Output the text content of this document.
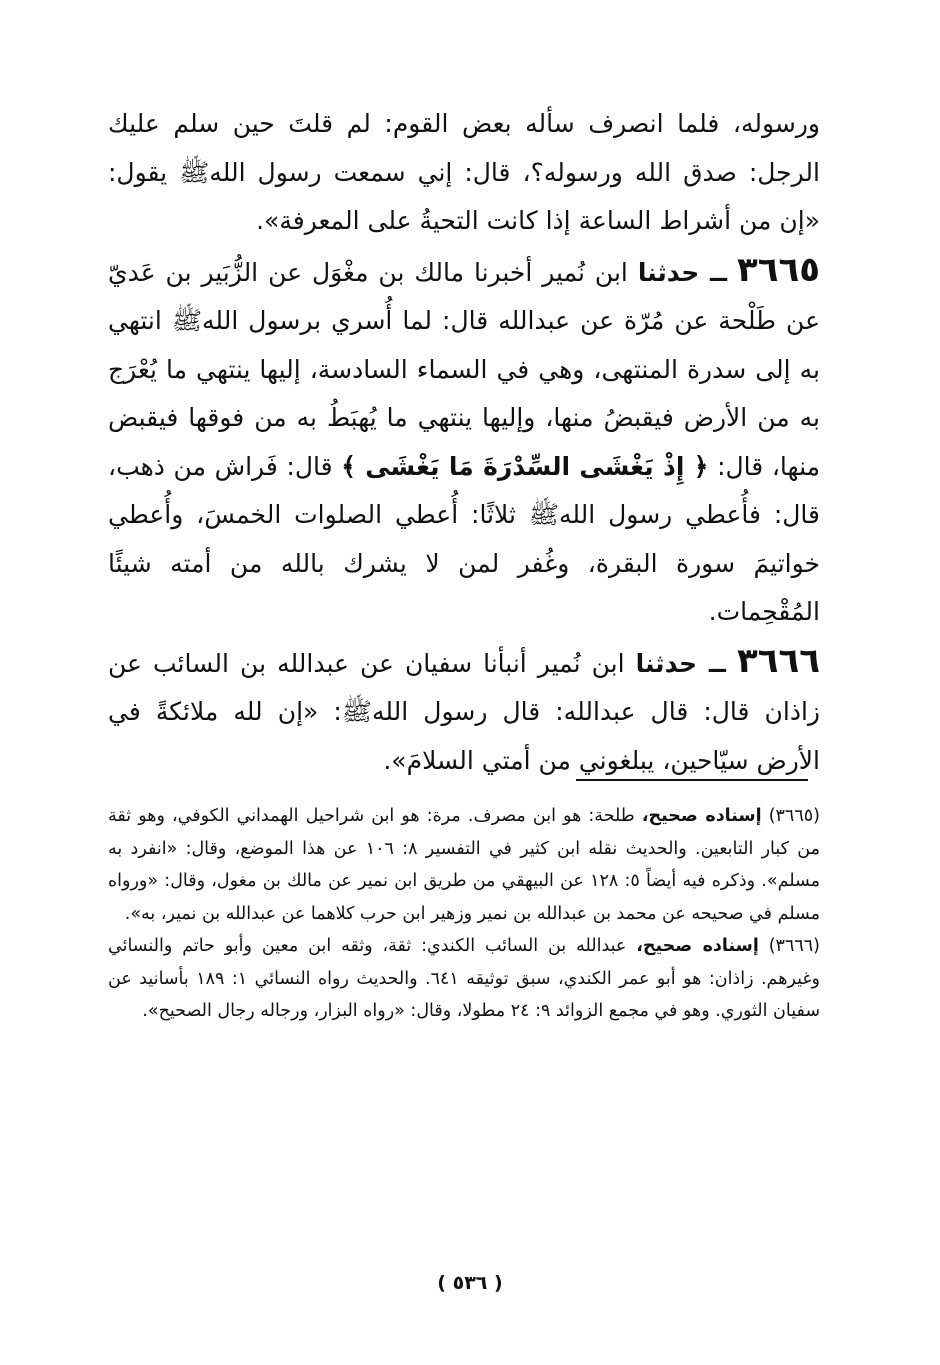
ورسوله، فلما انصرف سأله بعض القوم: لم قلتَ حين سلم عليك الرجل: صدق الله ورسوله؟، قال: إني سمعت رسول اللهﷺ يقول: «إن من أشراط الساعة إذا كانت التحيةُ على المعرفة».

٣٦٦٥ ــ حدثنا ابن نُمير أخبرنا مالك بن مغْوَل عن الزُّبَير بن عَديّ عن طَلْحة عن مُرّة عن عبدالله قال: لما أُسري برسول اللهﷺ انتهي به إلى سدرة المنتهى، وهي في السماء السادسة، إليها ينتهي ما يُعْرَج به من الأرض فيقبضُ منها، وإليها ينتهي ما يُهبَطُ به من فوقها فيقبض منها، قال: ﴿ إِذْ يَغْشَى السِّدْرَةَ مَا يَغْشَى ﴾ قال: فَراش من ذهب، قال: فأُعطي رسول اللهﷺ ثلاثًا: أُعطي الصلوات الخمسَ، وأُعطي خواتيمَ سورة البقرة، وغُفر لمن لا يشرك بالله من أمته شيئًا المُقْحِمات.

٣٦٦٦ ــ حدثنا ابن نُمير أنبأنا سفيان عن عبدالله بن السائب عن زاذان قال: قال عبدالله: قال رسول اللهﷺ: «إن لله ملائكةً في الأرض سيّاحين، يبلغوني من أمتي السلامَ».

(٣٦٦٥) إسناده صحيح، طلحة: هو ابن مصرف. مرة: هو ابن شراحيل الهمداني الكوفي، وهو ثقة من كبار التابعين. والحديث نقله ابن كثير في التفسير ٨: ١٠٦ عن هذا الموضع، وقال: «انفرد به مسلم». وذكره فيه أيضاً ٥: ١٢٨ عن البيهقي من طريق ابن نمير عن مالك بن مغول، وقال: «ورواه مسلم في صحيحه عن محمد بن عبدالله بن نمير وزهير ابن حرب كلاهما عن عبدالله بن نمير، به».

(٣٦٦٦) إسناده صحيح، عبدالله بن السائب الكندي: ثقة، وثقه ابن معين وأبو حاتم والنسائي وغيرهم. زاذان: هو أبو عمر الكندي، سبق توثيقه ٦٤١. والحديث رواه النسائي ١: ١٨٩ بأسانيد عن سفيان الثوري. وهو في مجمع الزوائد ٩: ٢٤ مطولا، وقال: «رواه البزار، ورجاله رجال الصحيح».

( ٥٣٦ )
